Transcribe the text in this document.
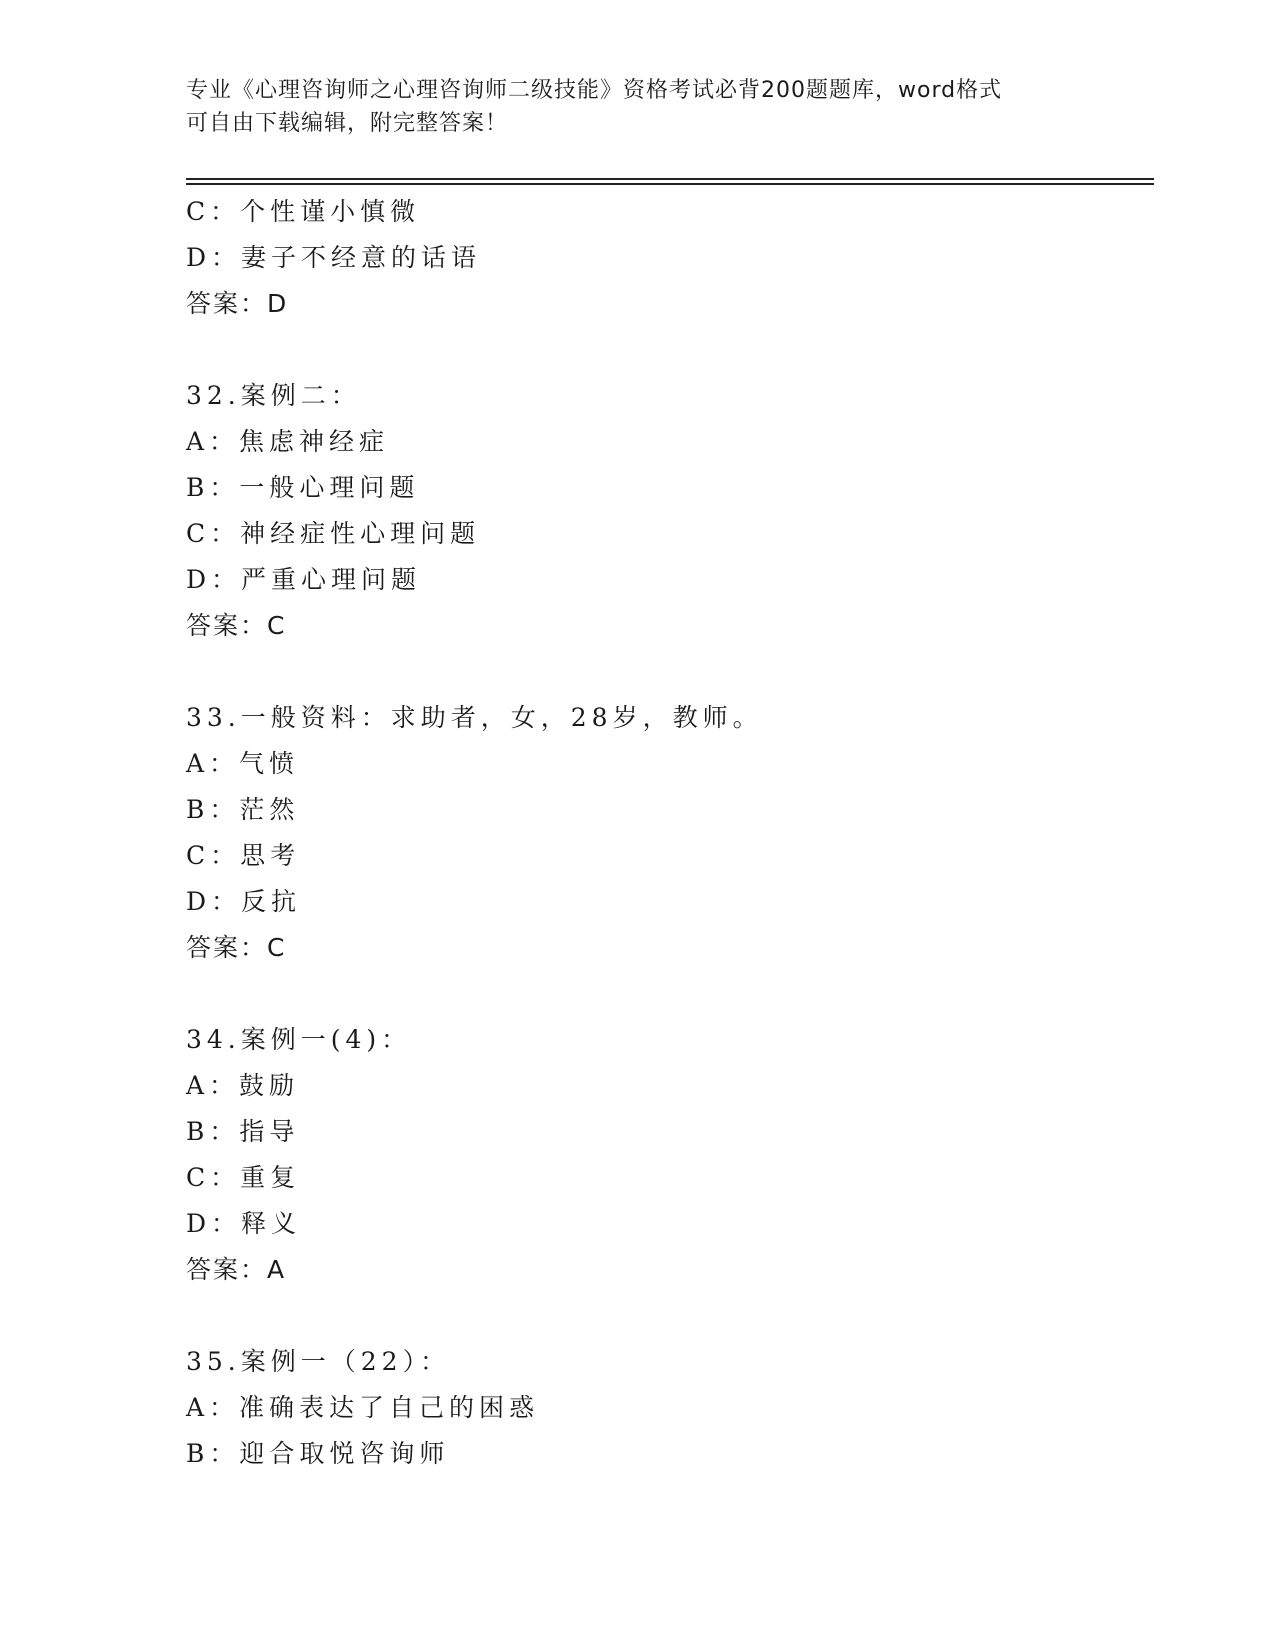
专业《心理咨询师之心理咨询师二级技能》资格考试必背200题题库，word格式
可自由下载编辑，附完整答案！
C：个性谨小慎微
D：妻子不经意的话语
答案：D
32.案例二：
A：焦虑神经症
B：一般心理问题
C：神经症性心理问题
D：严重心理问题
答案：C
33.一般资料：求助者，女，28岁，教师。
A：气愤
B：茫然
C：思考
D：反抗
答案：C
34.案例一(4)：
A：鼓励
B：指导
C：重复
D：释义
答案：A
35.案例一（22）：
A：准确表达了自己的困惑
B：迎合取悦咨询师
